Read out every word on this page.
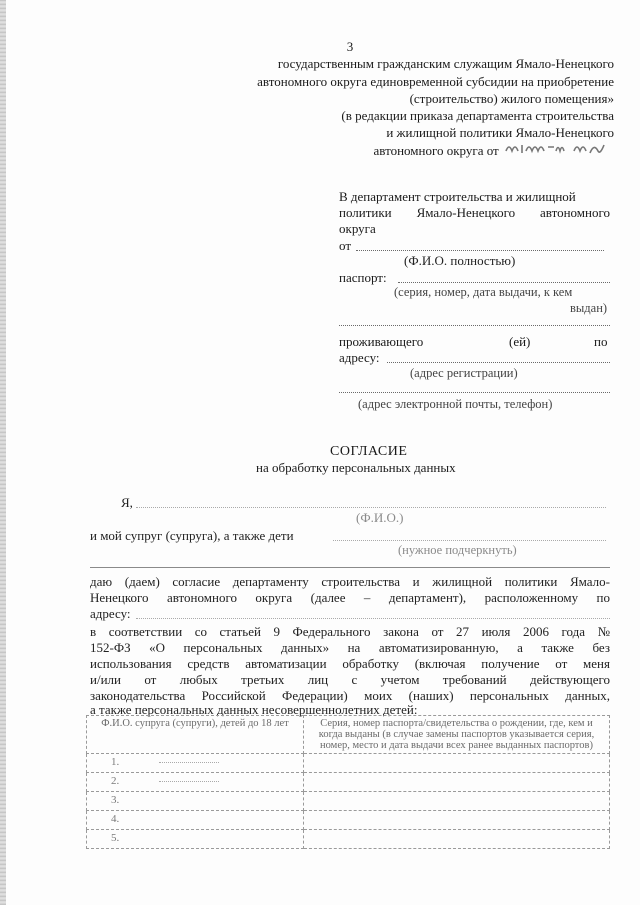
3
государственным гражданским служащим Ямало-Ненецкого
автономного округа единовременной субсидии на приобретение
(строительство) жилого помещения»
(в редакции приказа департамента строительства
и жилищной политики Ямало-Ненецкого
автономного округа от
В департамент строительства и жилищной
политики Ямало-Ненецкого автономного
округа
от
(Ф.И.О. полностью)
паспорт:
(серия, номер, дата выдачи, к кем
выдан)
проживающего	(ей)	по
адресу:
(адрес регистрации)
(адрес электронной почты, телефон)
СОГЛАСИЕ
на обработку персональных данных
Я,
(Ф.И.О.)
и мой супруг (супруга), а также дети
(нужное подчеркнуть)
даю (даем) согласие департаменту строительства и жилищной политики Ямало-
Ненецкого автономного округа (далее – департамент), расположенному по
адресу:
в соответствии со статьей 9 Федерального закона от 27 июля 2006 года №
152-ФЗ «О персональных данных» на автоматизированную, а также без
использования средств автоматизации обработку (включая получение от меня
и/или от любых третьих лиц с учетом требований действующего
законодательства Российской Федерации) моих (наших) персональных данных,
а также персональных данных несовершеннолетних детей:
Ф.И.О. супруга (супруги), детей до 18 лет	Серия, номер паспорта/свидетельства о рождении, где, кем и когда выданы (в случае замены паспортов указывается серия, номер, место и дата выдачи всех ранее выданных паспортов)
1.	
2.	
3.	
4.	
5.	
